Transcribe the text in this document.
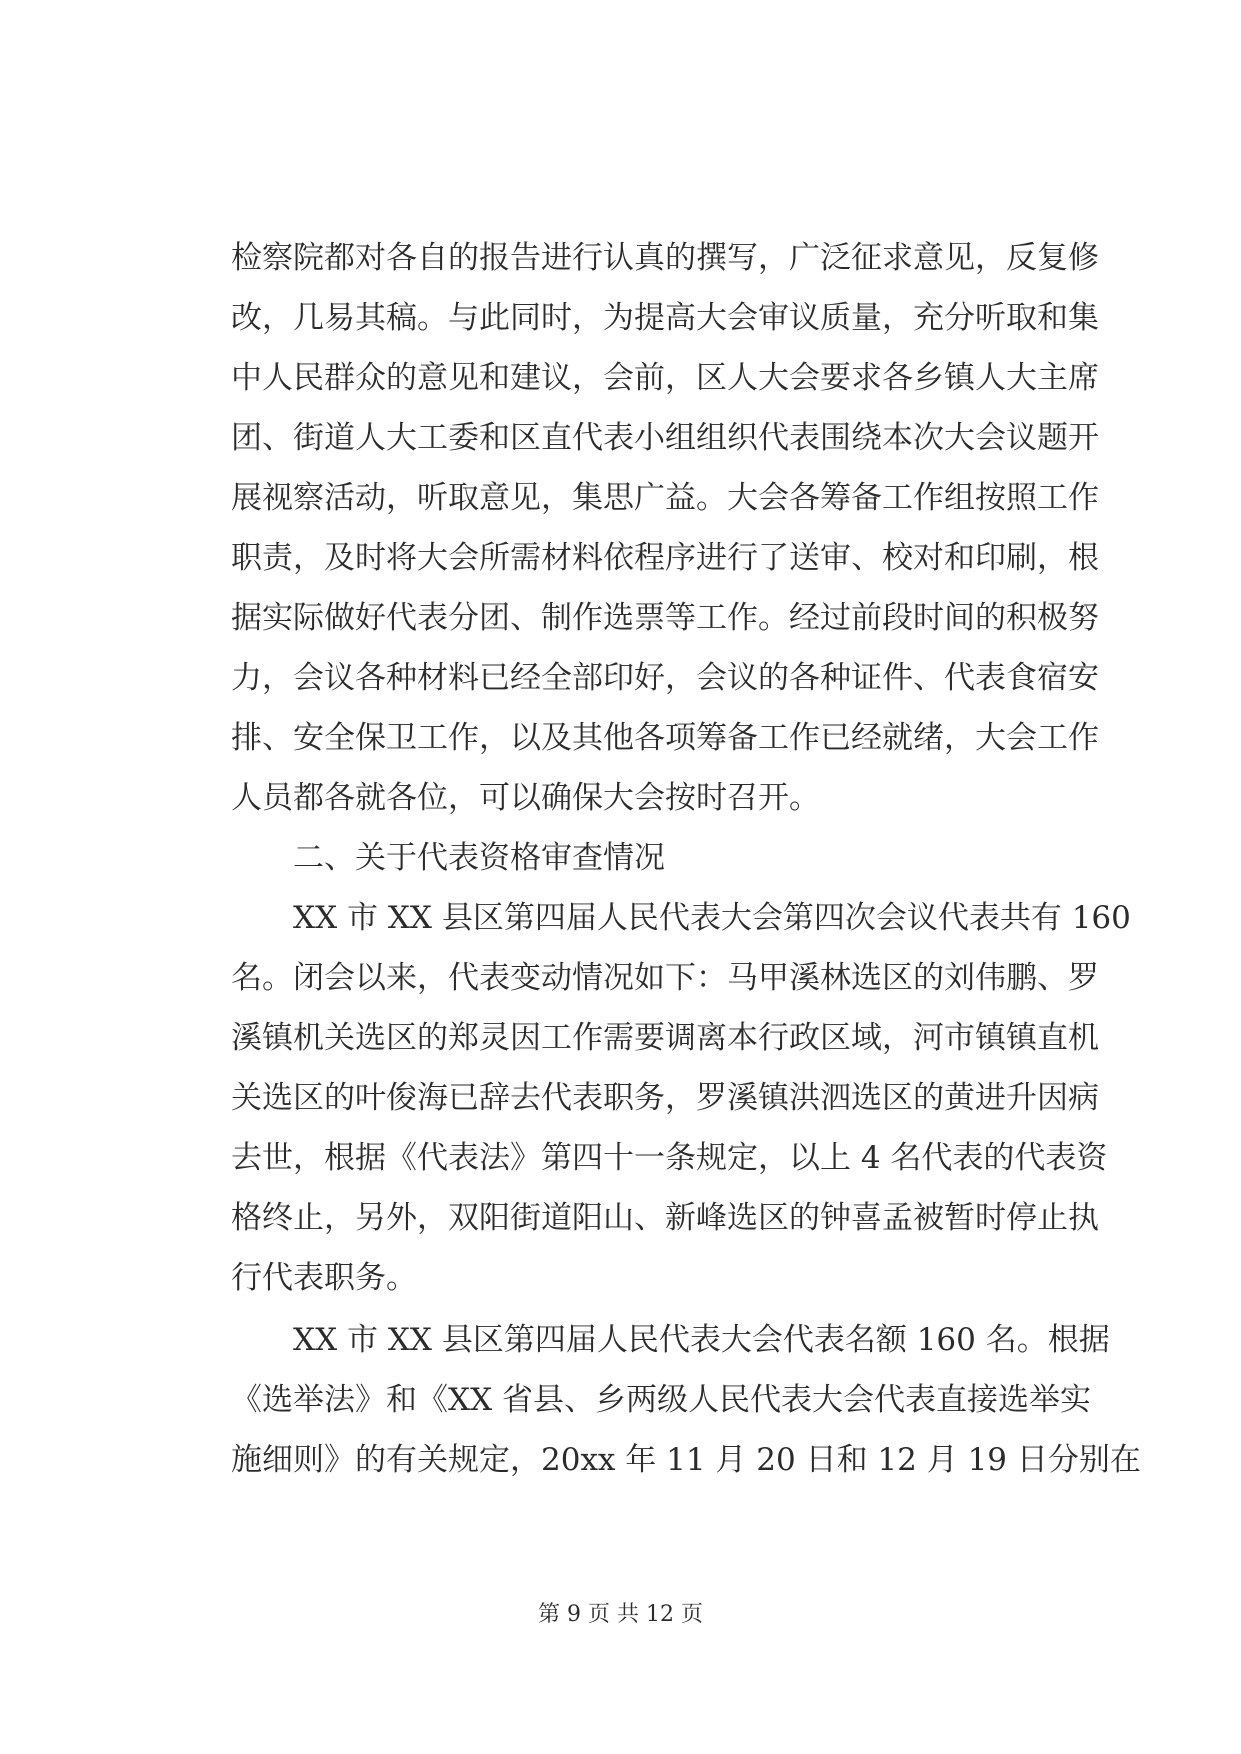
检察院都对各自的报告进行认真的撰写，广泛征求意见，反复修
改，几易其稿。与此同时，为提高大会审议质量，充分听取和集
中人民群众的意见和建议，会前，区人大会要求各乡镇人大主席
团、街道人大工委和区直代表小组组织代表围绕本次大会议题开
展视察活动，听取意见，集思广益。大会各筹备工作组按照工作
职责，及时将大会所需材料依程序进行了送审、校对和印刷，根
据实际做好代表分团、制作选票等工作。经过前段时间的积极努
力，会议各种材料已经全部印好，会议的各种证件、代表食宿安
排、安全保卫工作，以及其他各项筹备工作已经就绪，大会工作
人员都各就各位，可以确保大会按时召开。
　　二、关于代表资格审查情况
　　XX 市 XX 县区第四届人民代表大会第四次会议代表共有 160
名。闭会以来，代表变动情况如下：马甲溪林选区的刘伟鹏、罗
溪镇机关选区的郑灵因工作需要调离本行政区域，河市镇镇直机
关选区的叶俊海已辞去代表职务，罗溪镇洪泗选区的黄进升因病
去世，根据《代表法》第四十一条规定，以上 4 名代表的代表资
格终止，另外，双阳街道阳山、新峰选区的钟喜孟被暂时停止执
行代表职务。
　　XX 市 XX 县区第四届人民代表大会代表名额 160 名。根据
《选举法》和《XX 省县、乡两级人民代表大会代表直接选举实
施细则》的有关规定，20xx 年 11 月 20 日和 12 月 19 日分别在
第 9 页 共 12 页
